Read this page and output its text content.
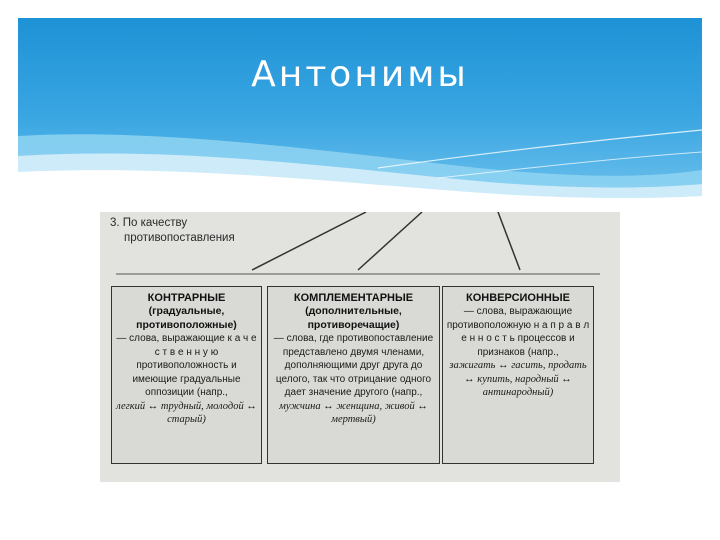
Антонимы
3. По качеству
противопоставления
КОНТРАРНЫЕ
(градуальные, противоположные)
— слова, выражающие к а ч е с т в е н н у ю противоположность и имеющие градуальные оппозиции (напр.,
легкий ↔ трудный, молодой ↔ старый)
КОМПЛЕМЕНТАРНЫЕ
(дополнительные, противоречащие)
— слова, где противопоставление представлено двумя членами, дополняющими друг друга до целого, так что отрицание одного дает значение другого (напр.,
мужчина ↔ женщина, живой ↔ мертвый)
КОНВЕРСИОННЫЕ
— слова, выражающие противоположную н а п р а в л е н н о с т ь процессов и признаков (напр.,
зажигать ↔ гасить, продать ↔ купить, народный ↔ антинародный)
